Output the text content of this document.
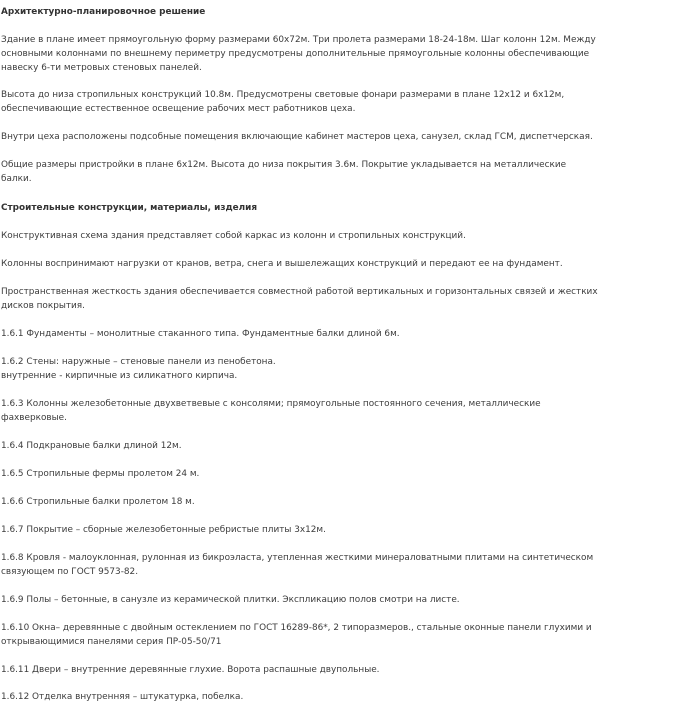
Архитектурно-планировочное решение
Здание в плане имеет прямоугольную форму размерами 60х72м. Три пролета размерами 18-24-18м. Шаг колонн 12м. Между
основными колоннами по внешнему периметру предусмотрены дополнительные прямоугольные колонны обеспечивающие
навеску 6-ти метровых стеновых панелей.
Высота до низа стропильных конструкций 10.8м. Предусмотрены световые фонари размерами в плане 12х12 и 6х12м,
обеспечивающие естественное освещение рабочих мест работников цеха.
Внутри цеха расположены подсобные помещения включающие кабинет мастеров цеха, санузел, склад ГСМ, диспетчерская.
Общие размеры пристройки в плане 6х12м. Высота до низа покрытия 3.6м. Покрытие укладывается на металлические
балки.
Строительные конструкции, материалы, изделия
Конструктивная схема здания представляет собой каркас из колонн и стропильных конструкций.
Колонны воспринимают нагрузки от кранов, ветра, снега и вышележащих конструкций и передают ее на фундамент.
Пространственная жесткость здания обеспечивается совместной работой вертикальных и горизонтальных связей и жестких
дисков покрытия.
1.6.1 Фундаменты – монолитные стаканного типа. Фундаментные балки длиной 6м.
1.6.2 Стены: наружные – стеновые панели из пенобетона.
внутренние - кирпичные из силикатного кирпича.
1.6.3 Колонны железобетонные двухветвевые с консолями; прямоугольные постоянного сечения, металлические
фахверковые.
1.6.4 Подкрановые балки длиной 12м.
1.6.5 Стропильные фермы пролетом 24 м.
1.6.6 Стропильные балки пролетом 18 м.
1.6.7 Покрытие – сборные железобетонные ребристые плиты 3х12м.
1.6.8 Кровля - малоуклонная, рулонная из бикроэласта, утепленная жесткими минераловатными плитами на синтетическом
связующем по ГОСТ 9573-82.
1.6.9 Полы – бетонные, в санузле из керамической плитки. Экспликацию полов смотри на листе.
1.6.10 Окна– деревянные с двойным остеклением по ГОСТ 16289-86*, 2 типоразмеров., стальные оконные панели глухими и
открывающимися панелями серия ПР-05-50/71
1.6.11 Двери – внутренние деревянные глухие. Ворота распашные двупольные.
1.6.12 Отделка внутренняя – штукатурка, побелка.
